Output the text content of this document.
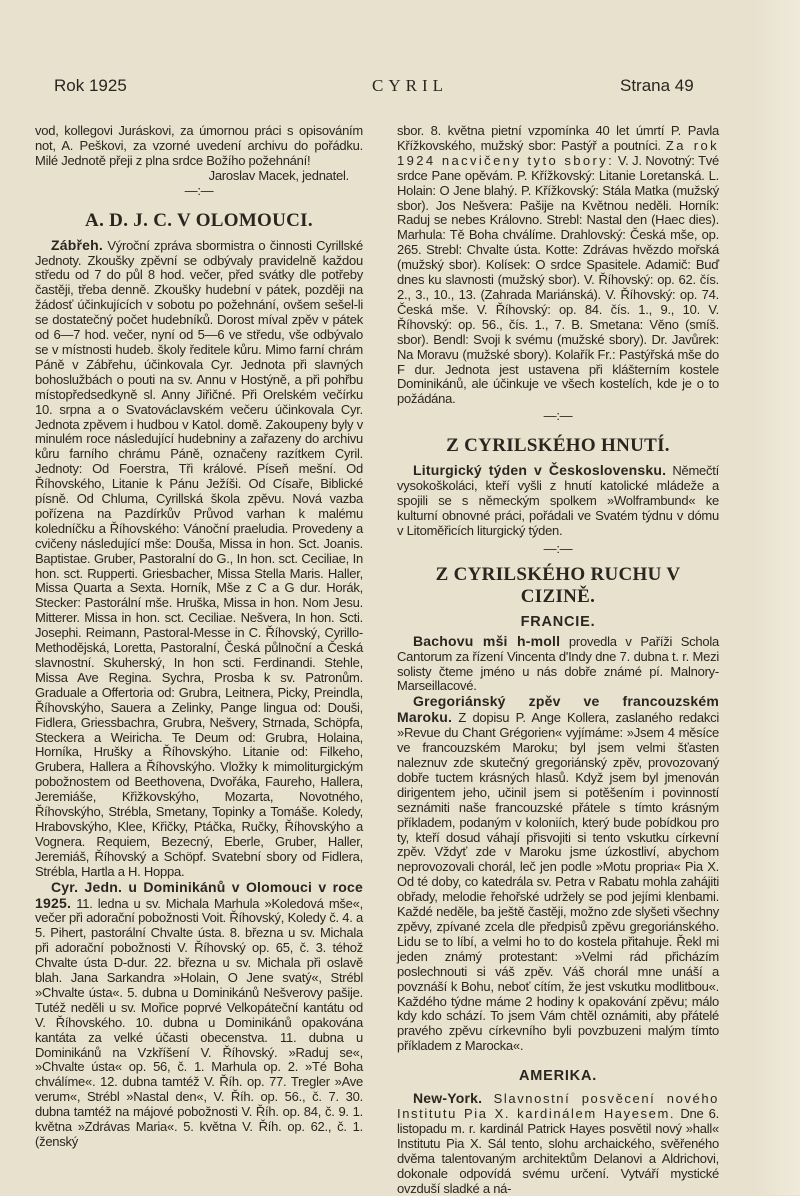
Rok 1925	CYRIL	Strana 49

vod, kollegovi Juráskovi, za úmornou práci s opisováním not, A. Peškovi, za vzorné uvedení archivu do pořádku. Milé Jednotě přeji z plna srdce Božího požehnání!

Jaroslav Macek, jednatel.
—:—
A. D. J. C. V OLOMOUCI.

Zábřeh. Výroční zpráva sbormistra o činnosti Cyrillské Jednoty. Zkoušky zpěvní se odbývaly pravidelně každou středu od 7 do půl 8 hod. večer, před svátky dle potřeby častěji, třeba denně. Zkoušky hudební v pátek, později na žádosť účinkujících v sobotu po požehnání, ovšem sešel-li se dostatečný počet hudebníků. Dorost míval zpěv v pátek od 6—7 hod. večer, nyní od 5—6 ve středu, vše odbývalo se v místnosti hudeb. školy ředitele kůru. Mimo farní chrám Páně v Zábřehu, účinkovala Cyr. Jednota při slavných bohoslužbách o pouti na sv. Annu v Hostýně, a při pohřbu místopředsedkyně sl. Anny Jiřičné. Při Orelském večírku 10. srpna a o Svatováclavském večeru účinkovala Cyr. Jednota zpěvem i hudbou v Katol. domě. Zakoupeny byly v minulém roce následující hudebniny a zařazeny do archivu kůru farního chrámu Páně, označeny razítkem Cyril. Jednoty: Od Foerstra, Tři králové. Píseň mešní. Od Říhovského, Litanie k Pánu Ježíši. Od Císaře, Biblické písně. Od Chluma, Cyrillská škola zpěvu. Nová vazba pořízena na Pazdírkův Průvod varhan k malému koledníčku a Říhovského: Vánoční praeludia. Provedeny a cvičeny následující mše: Douša, Missa in hon. Sct. Joanis. Baptistae. Gruber, Pastoralní do G., In hon. sct. Ceciliae, In hon. sct. Rupperti. Griesbacher, Missa Stella Maris. Haller, Missa Quarta a Sexta. Horník, Mše z C a G dur. Horák, Stecker: Pastorální mše. Hruška, Missa in hon. Nom Jesu. Mitterer. Missa in hon. sct. Ceciliae. Nešvera, In hon. Scti. Josephi. Reimann, Pastoral-Messe in C. Říhovský, Cyrillo-Methodějská, Loretta, Pastoralní, Česká půlnoční a Česká slavnostní. Skuherský, In hon scti. Ferdinandi. Stehle, Missa Ave Regina. Sychra, Prosba k sv. Patronům. Graduale a Offertoria od: Grubra, Leitnera, Picky, Preindla, Říhovskýho, Sauera a Zelinky, Pange lingua od: Douši, Fidlera, Griessbachra, Grubra, Nešvery, Strnada, Schöpfa, Steckera a Weiricha. Te Deum od: Grubra, Holaina, Horníka, Hrušky a Říhovskýho. Litanie od: Filkeho, Grubera, Hallera a Říhovskýho. Vložky k mimoliturgickým pobožnostem od Beethovena, Dvořáka, Faureho, Hallera, Jeremiáše, Křižkovskýho, Mozarta, Novotného, Říhovskýho, Strébla, Smetany, Topinky a Tomáše. Koledy, Hrabovskýho, Klee, Křičky, Ptáčka, Ručky, Říhovskýho a Vognera. Requiem, Bezecný, Eberle, Gruber, Haller, Jeremiáš, Říhovský a Schöpf. Svatební sbory od Fidlera, Strébla, Hartla a H. Hoppa.

Cyr. Jedn. u Dominikánů v Olomouci v roce 1925. 11. ledna u sv. Michala Marhula »Koledová mše«, večer při adorační pobožnosti Voit. Říhovský, Koledy č. 4. a 5. Pihert, pastorální Chvalte ústa. 8. března u sv. Michala při adorační pobožnosti V. Říhovský op. 65, č. 3. téhož Chvalte ústa D-dur. 22. března u sv. Michala při oslavě blah. Jana Sarkandra »Holain, O Jene svatý«, Strébl »Chvalte ústa«. 5. dubna u Dominikánů Nešverovy pašije. Tutéž neděli u sv. Mořice poprvé Velkopáteční kantátu od V. Říhovského. 10. dubna u Dominikánů opakována kantáta za velké účasti obecenstva. 11. dubna u Dominikánů na Vzkříšení V. Říhovský. »Raduj se«, »Chvalte ústa« op. 56, č. 1. Marhula op. 2. »Té Boha chválíme«. 12. dubna tamtéž V. Říh. op. 77. Tregler »Ave verum«, Strébl »Nastal den«, V. Říh. op. 56., č. 7. 30. dubna tamtéž na májové pobožnosti V. Říh. op. 84, č. 9. 1. května »Zdrávas Maria«. 5. května V. Říh. op. 62., č. 1. (ženský

sbor. 8. května pietní vzpomínka 40 let úmrtí P. Pavla Křížkovského, mužský sbor: Pastýř a poutníci. Za rok 1924 nacvičeny tyto sbory: V. J. Novotný: Tvé srdce Pane opěvám. P. Křížkovský: Litanie Loretanská. L. Holain: O Jene blahý. P. Křížkovský: Stála Matka (mužský sbor). Jos Nešvera: Pašije na Květnou neděli. Horník: Raduj se nebes Královno. Strebl: Nastal den (Haec dies). Marhula: Tě Boha chválíme. Drahlovský: Česká mše, op. 265. Strebl: Chvalte ústa. Kotte: Zdrávas hvězdo mořská (mužský sbor). Kolísek: O srdce Spasitele. Adamič: Buď dnes ku slavnosti (mužský sbor). V. Říhovský: op. 62. čís. 2., 3., 10., 13. (Zahrada Mariánská). V. Říhovský: op. 74. Česká mše. V. Říhovský: op. 84. čís. 1., 9., 10. V. Říhovský: op. 56., čís. 1., 7. B. Smetana: Věno (smíš. sbor). Bendl: Svoji k svému (mužské sbory). Dr. Javůrek: Na Moravu (mužské sbory). Kolařík Fr.: Pastýřská mše do F dur. Jednota jest ustavena při klášterním kostele Dominikánů, ale účinkuje ve všech kostelích, kde je o to požádána.

—:—
Z CYRILSKÉHO HNUTÍ.

Liturgický týden v Československu. Němečtí vysokoškoláci, kteří vyšli z hnutí katolické mládeže a spojili se s německým spolkem »Wolframbund« ke kulturní obnovné práci, pořádali ve Svatém týdnu v dómu v Litoměřicích liturgický týden.

—:—
Z CYRILSKÉHO RUCHU V CIZINĚ.
FRANCIE.

Bachovu mši h-moll provedla v Paříži Schola Cantorum za řízení Vincenta d'Indy dne 7. dubna t. r. Mezi solisty čteme jméno u nás dobře známé pí. Malnory-Marseillacové.

Gregoriánský zpěv ve francouzském Maroku. Z dopisu P. Ange Kollera, zaslaného redakci »Revue du Chant Grégorien« vyjímáme: »Jsem 4 měsíce ve francouzském Maroku; byl jsem velmi šťasten naleznuv zde skutečný gregoriánský zpěv, provozovaný dobře tuctem krásných hlasů. Když jsem byl jmenován dirigentem jeho, učinil jsem si potěšením i povinností seznámiti naše francouzské přátele s tímto krásným příkladem, podaným v koloniích, který bude pobídkou pro ty, kteří dosud váhají přisvojiti si tento vskutku církevní zpěv. Vždyť zde v Maroku jsme úzkostliví, abychom neprovozovali chorál, leč jen podle »Motu propria« Pia X. Od té doby, co katedrála sv. Petra v Rabatu mohla zahájiti obřady, melodie řehořské udržely se pod jejími klenbami. Každé neděle, ba ještě častěji, možno zde slyšeti všechny zpěvy, zpívané zcela dle předpisů zpěvu gregoriánského. Lidu se to líbí, a velmi ho to do kostela přitahuje. Řekl mi jeden známý protestant: »Velmi rád přicházím poslechnouti si váš zpěv. Váš chorál mne unáší a povznáší k Bohu, neboť cítím, že jest vskutku modlitbou«. Každého týdne máme 2 hodiny k opakování zpěvu; málo kdy kdo schází. To jsem Vám chtěl oznámiti, aby přátelé pravého zpěvu církevního byli povzbuzeni malým tímto příkladem z Marocka«.

AMERIKA.

New-York. Slavnostní posvěcení nového Institutu Pia X. kardinálem Hayesem. Dne 6. listopadu m. r. kardinál Patrick Hayes posvětil nový »hall« Institutu Pia X. Sál tento, slohu archaického, svěřeného dvěma talentovaným architektům Delanovi a Aldrichovi, dokonale odpovídá svému určení. Vytváří mystické ovzduší sladké a ná-
